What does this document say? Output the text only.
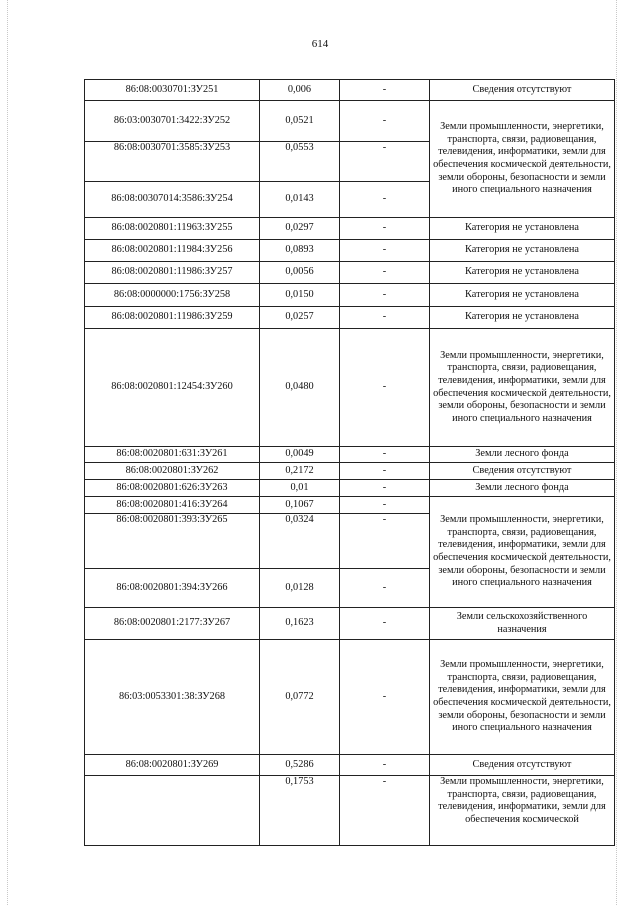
614
86:08:0030701:ЗУ251	0,006	-	Сведения отсутствуют
86:03:0030701:3422:ЗУ252	0,0521	-	Земли промышленности, энергетики, транспорта, связи, радиовещания, телевидения, информатики, земли для обеспечения космической деятельности, земли обороны, безопасности и земли иного специального назначения
86:08:0030701:3585:ЗУ253	0,0553	-	
86:08:00307014:3586:ЗУ254	0,0143	-	
86:08:0020801:11963:ЗУ255	0,0297	-	Категория не установлена
86:08:0020801:11984:ЗУ256	0,0893	-	Категория не установлена
86:08:0020801:11986:ЗУ257	0,0056	-	Категория не установлена
86:08:0000000:1756:ЗУ258	0,0150	-	Категория не установлена
86:08:0020801:11986:ЗУ259	0,0257	-	Категория не установлена
86:08:0020801:12454:ЗУ260	0,0480	-	Земли промышленности, энергетики, транспорта, связи, радиовещания, телевидения, информатики, земли для обеспечения космической деятельности, земли обороны, безопасности и земли иного специального назначения
86:08:0020801:631:ЗУ261	0,0049	-	Земли лесного фонда
86:08:0020801:ЗУ262	0,2172	-	Сведения отсутствуют
86:08:0020801:626:ЗУ263	0,01	-	Земли лесного фонда
86:08:0020801:416:ЗУ264	0,1067	-	Земли промышленности, энергетики, транспорта, связи, радиовещания, телевидения, информатики, земли для обеспечения космической деятельности, земли обороны, безопасности и земли иного специального назначения
86:08:0020801:393:ЗУ265	0,0324	-	
86:08:0020801:394:ЗУ266	0,0128	-	
86:08:0020801:2177:ЗУ267	0,1623	-	Земли сельскохозяйственного назначения
86:03:0053301:38:ЗУ268	0,0772	-	Земли промышленности, энергетики, транспорта, связи, радиовещания, телевидения, информатики, земли для обеспечения космической деятельности, земли обороны, безопасности и земли иного специального назначения
86:08:0020801:ЗУ269	0,5286	-	Сведения отсутствуют
	0,1753	-	Земли промышленности, энергетики, транспорта, связи, радиовещания, телевидения, информатики, земли для обеспечения космической
